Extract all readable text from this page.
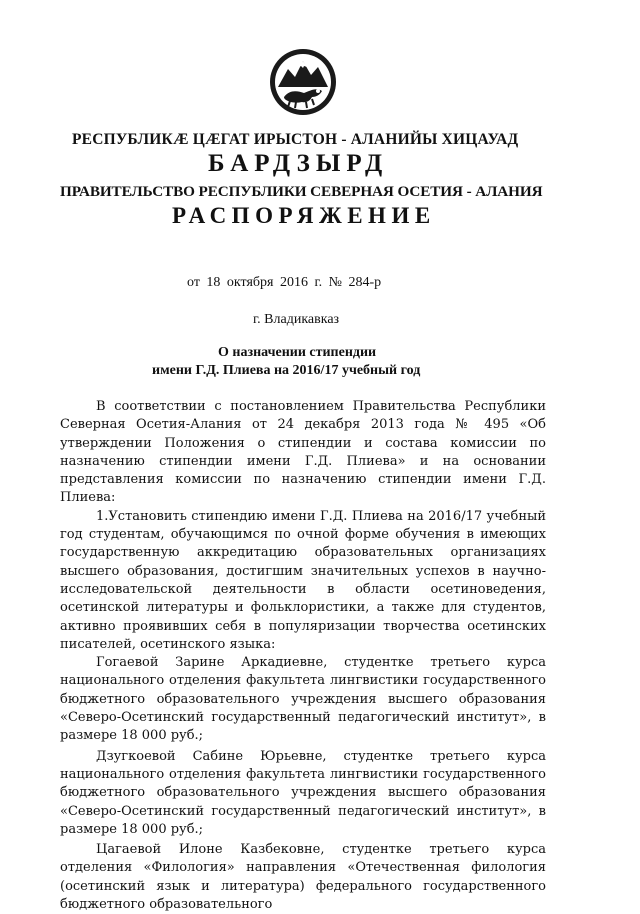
РЕСПУБЛИКÆ ЦÆГАТ ИРЫСТОН - АЛАНИЙЫ ХИЦАУАД
БАРДЗЫРД
ПРАВИТЕЛЬСТВО РЕСПУБЛИКИ СЕВЕРНАЯ ОСЕТИЯ - АЛАНИЯ
РАСПОРЯЖЕНИЕ
от 18 октября 2016 г. № 284-р
г. Владикавказ
О назначении стипендии
имени Г.Д. Плиева на 2016/17 учебный год

В соответствии с постановлением Правительства Республики Северная Осетия-Алания от 24 декабря 2013 года № 495 «Об утверждении Положения о стипендии и состава комиссии по назначению стипендии имени Г.Д. Плиева» и на основании представления комиссии по назначению стипендии имени Г.Д. Плиева:

1.Установить стипендию имени Г.Д. Плиева на 2016/17 учебный год студентам, обучающимся по очной форме обучения в имеющих государственную аккредитацию образовательных организациях высшего образования, достигшим значительных успехов в научно-исследовательской деятельности в области осетиноведения, осетинской литературы и фольклористики, а также для студентов, активно проявивших себя в популяризации творчества осетинских писателей, осетинского языка:

Гогаевой Зарине Аркадиевне, студентке третьего курса национального отделения факультета лингвистики государственного бюджетного образовательного учреждения высшего образования «Северо-Осетинский государственный педагогический институт», в размере 18 000 руб.;

Дзугкоевой Сабине Юрьевне, студентке третьего курса национального отделения факультета лингвистики государственного бюджетного образовательного учреждения высшего образования «Северо-Осетинский государственный педагогический институт», в размере 18 000 руб.;

Цагаевой Илоне Казбековне, студентке третьего курса отделения «Филология» направления «Отечественная филология (осетинский язык и литература) федерального государственного бюджетного образовательного
